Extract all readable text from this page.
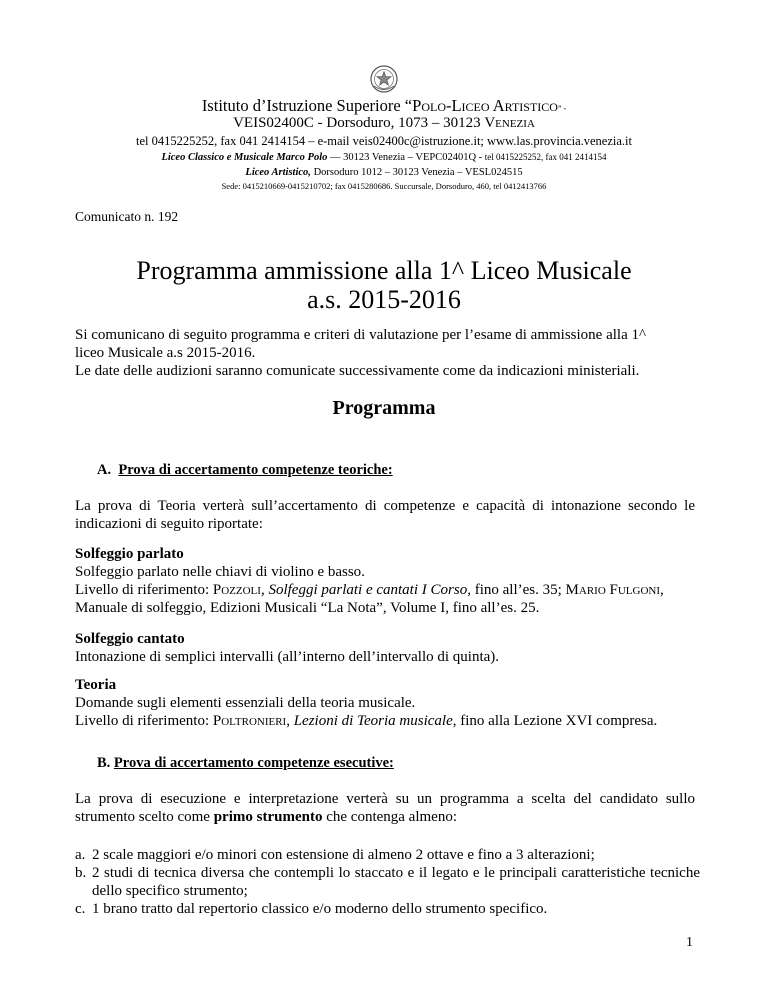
Istituto d’Istruzione Superiore “Polo-Liceo Artistico” -
VEIS02400C - Dorsoduro, 1073 – 30123 Venezia
tel 0415225252, fax 041 2414154 – e-mail veis02400c@istruzione.it; www.las.provincia.venezia.it
Liceo Classico e Musicale Marco Polo — 30123 Venezia – VEPC02401Q - tel 0415225252, fax 041 2414154
Liceo Artistico, Dorsoduro 1012 – 30123 Venezia – VESL024515
Sede: 0415210669-0415210702; fax 0415280686. Succursale, Dorsoduro, 460, tel 0412413766
Comunicato n. 192
Programma ammissione alla 1^ Liceo Musicale
a.s. 2015-2016
Si comunicano di seguito programma e criteri di valutazione per l’esame di ammissione alla 1^
liceo Musicale a.s 2015-2016.
Le date delle audizioni saranno comunicate successivamente come da indicazioni ministeriali.
Programma
A. Prova di accertamento competenze teoriche:
La prova di Teoria verterà sull’accertamento di competenze e capacità di intonazione secondo le indicazioni di seguito riportate:
Solfeggio parlato
Solfeggio parlato nelle chiavi di violino e basso.
Livello di riferimento: Pozzoli, Solfeggi parlati e cantati I Corso, fino all’es. 35; Mario Fulgoni,
Manuale di solfeggio, Edizioni Musicali “La Nota”, Volume I, fino all’es. 25.
Solfeggio cantato
Intonazione di semplici intervalli (all’interno dell’intervallo di quinta).
Teoria
Domande sugli elementi essenziali della teoria musicale.
Livello di riferimento: Poltronieri, Lezioni di Teoria musicale, fino alla Lezione XVI compresa.
B. Prova di accertamento competenze esecutive:
La prova di esecuzione e interpretazione verterà su un programma a scelta del candidato sullo strumento scelto come primo strumento che contenga almeno:
a. 2 scale maggiori e/o minori con estensione di almeno 2 ottave e fino a 3 alterazioni;
b. 2 studi di tecnica diversa che contempli lo staccato e il legato e le principali caratteristiche tecniche dello specifico strumento;
c. 1 brano tratto dal repertorio classico e/o moderno dello strumento specifico.
1
